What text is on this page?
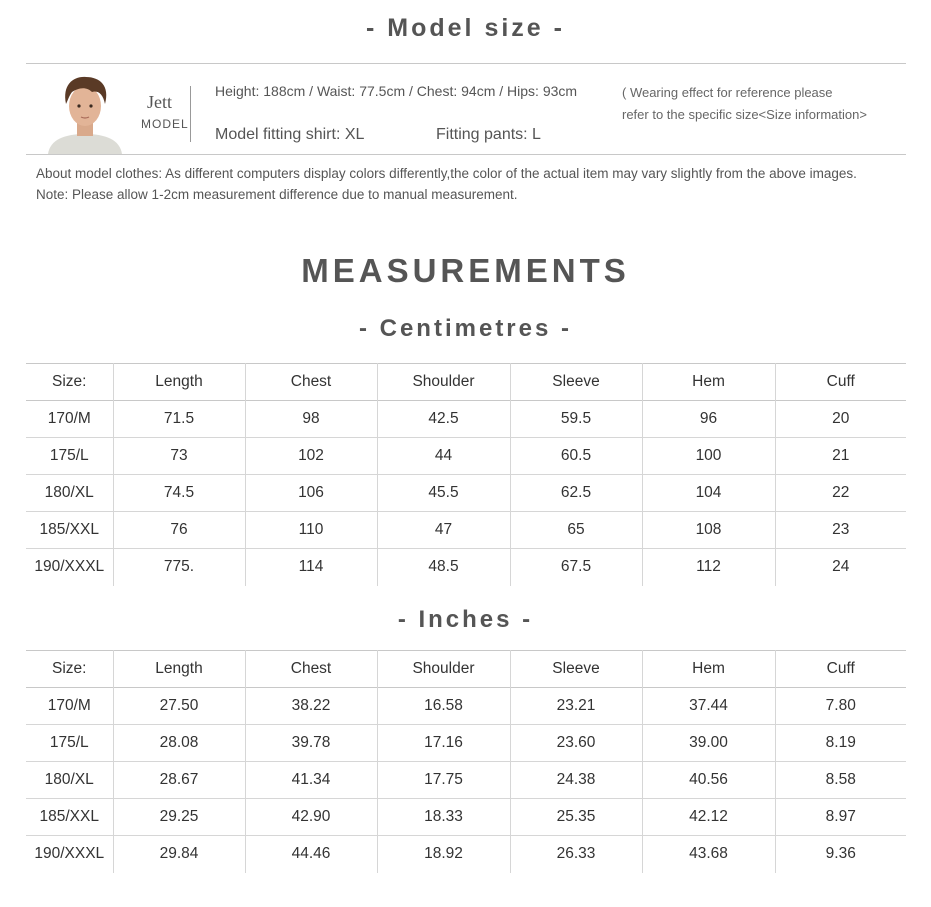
- Model size -
Jett
MODEL
Height: 188cm / Waist: 77.5cm / Chest: 94cm / Hips: 93cm
Model fitting shirt: XL	Fitting pants: L
( Wearing effect for reference please
refer to the specific size<Size information>
About model clothes: As different computers display colors differently,the color of the actual item may vary slightly from the above images.
Note: Please allow 1-2cm measurement difference due to manual measurement.
MEASUREMENTS
- Centimetres -
Size:	Length	Chest	Shoulder	Sleeve	Hem	Cuff
170/M	71.5	98	42.5	59.5	96	20
175/L	73	102	44	60.5	100	21
180/XL	74.5	106	45.5	62.5	104	22
185/XXL	76	110	47	65	108	23
190/XXXL	775.	114	48.5	67.5	112	24
- Inches -
Size:	Length	Chest	Shoulder	Sleeve	Hem	Cuff
170/M	27.50	38.22	16.58	23.21	37.44	7.80
175/L	28.08	39.78	17.16	23.60	39.00	8.19
180/XL	28.67	41.34	17.75	24.38	40.56	8.58
185/XXL	29.25	42.90	18.33	25.35	42.12	8.97
190/XXXL	29.84	44.46	18.92	26.33	43.68	9.36
